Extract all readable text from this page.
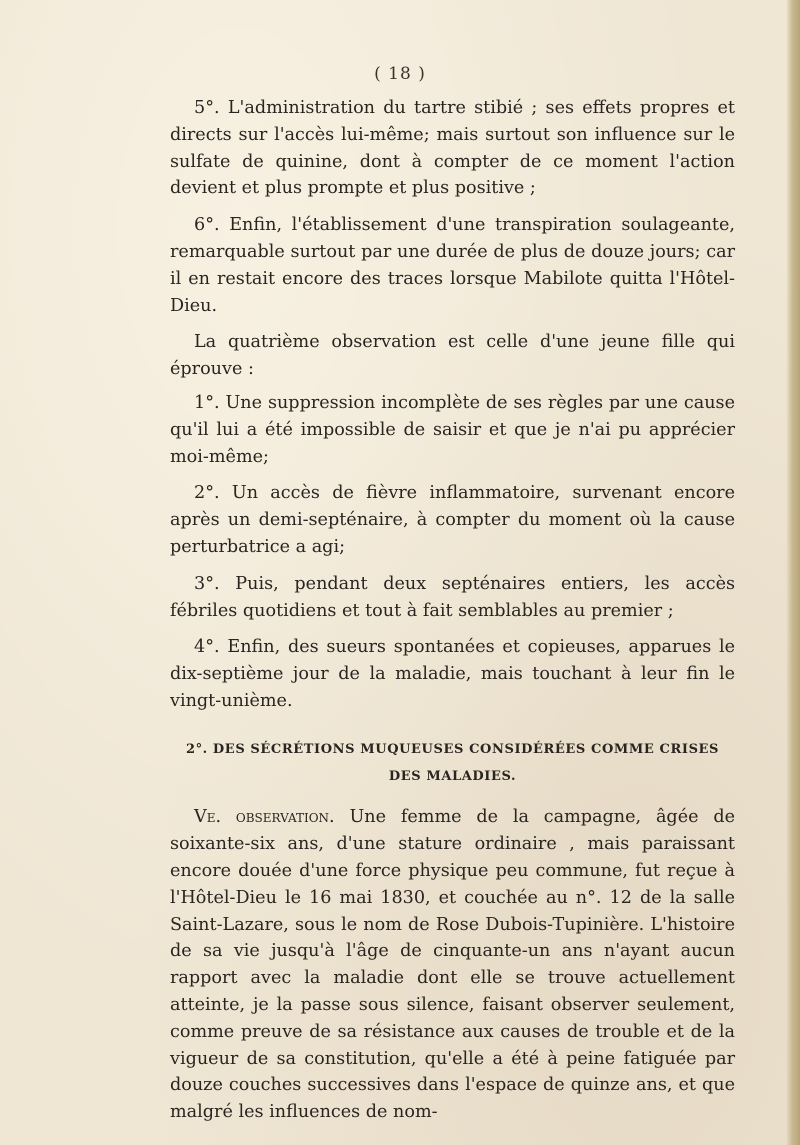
( 18 )

5°. L'administration du tartre stibié ; ses effets propres et directs sur l'accès lui-même; mais surtout son influence sur le sulfate de quinine, dont à compter de ce moment l'action devient et plus prompte et plus positive ;

6°. Enfin, l'établissement d'une transpiration soulageante, remarquable surtout par une durée de plus de douze jours; car il en restait encore des traces lorsque Mabilote quitta l'Hôtel-Dieu.

La quatrième observation est celle d'une jeune fille qui éprouve :

1°. Une suppression incomplète de ses règles par une cause qu'il lui a été impossible de saisir et que je n'ai pu apprécier moi-même;

2°. Un accès de fièvre inflammatoire, survenant encore après un demi-septénaire, à compter du moment où la cause perturbatrice a agi;

3°. Puis, pendant deux septénaires entiers, les accès fébriles quotidiens et tout à fait semblables au premier ;

4°. Enfin, des sueurs spontanées et copieuses, apparues le dix-septième jour de la maladie, mais touchant à leur fin le vingt-unième.

2°. DES SÉCRÉTIONS MUQUEUSES CONSIDÉRÉES COMME CRISES DES MALADIES.

Ve. observation. Une femme de la campagne, âgée de soixante-six ans, d'une stature ordinaire , mais paraissant encore douée d'une force physique peu commune, fut reçue à l'Hôtel-Dieu le 16 mai 1830, et couchée au n°. 12 de la salle Saint-Lazare, sous le nom de Rose Dubois-Tupinière. L'histoire de sa vie jusqu'à l'âge de cinquante-un ans n'ayant aucun rapport avec la maladie dont elle se trouve actuellement atteinte, je la passe sous silence, faisant observer seulement, comme preuve de sa résistance aux causes de trouble et de la vigueur de sa constitution, qu'elle a été à peine fatiguée par douze couches successives dans l'espace de quinze ans, et que malgré les influences de nom-
